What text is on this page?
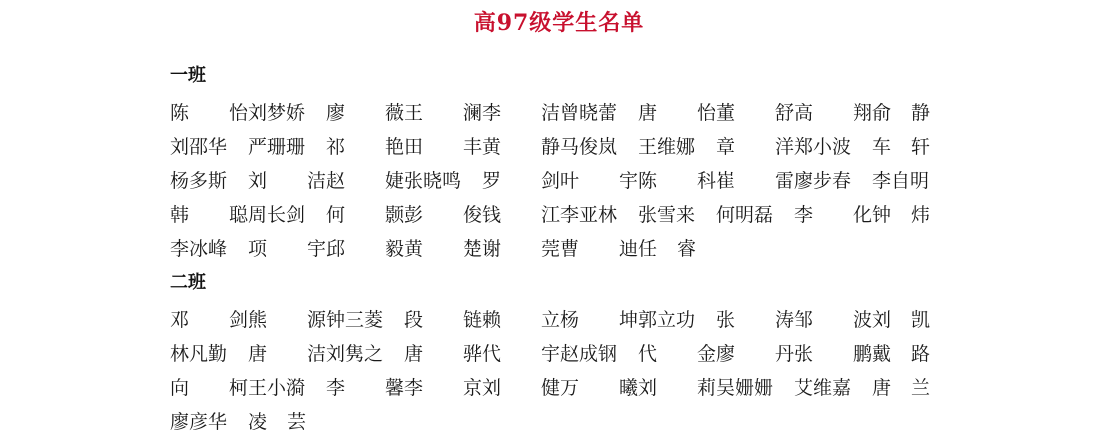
高97级学生名单
一班
陈 怡 刘梦娇	廖 薇 王 澜 李 洁 曾晓蕾	唐 怡 董 舒 高 翔 俞 静
刘邵华	严珊珊	祁 艳 田 丰 黄 静 马俊岚	王维娜	章 洋 郑小波	车 轩
杨多斯	刘 洁 赵 婕 张晓鸣	罗 剑 叶 宇 陈 科 崔 雷 廖步春	李自明
韩 聪 周长剑	何 颢 彭 俊 钱 江 李亚林	张雪来	何明磊	李 化 钟 炜
李冰峰	项 宇 邱 毅 黄 楚 谢 莞 曹 迪 任 睿
二班
邓 剑 熊 源 钟三菱	段 链 赖 立 杨 坤 郭立功	张 涛 邹 波 刘 凯
林凡勤	唐 洁 刘隽之	唐 骅 代 宇 赵成钢	代 金 廖 丹 张 鹏 戴 路
向 柯 王小漪	李 馨 李 京 刘 健 万 曦 刘 莉 吴姗姗	艾维嘉	唐 兰
廖彦华	凌 芸
